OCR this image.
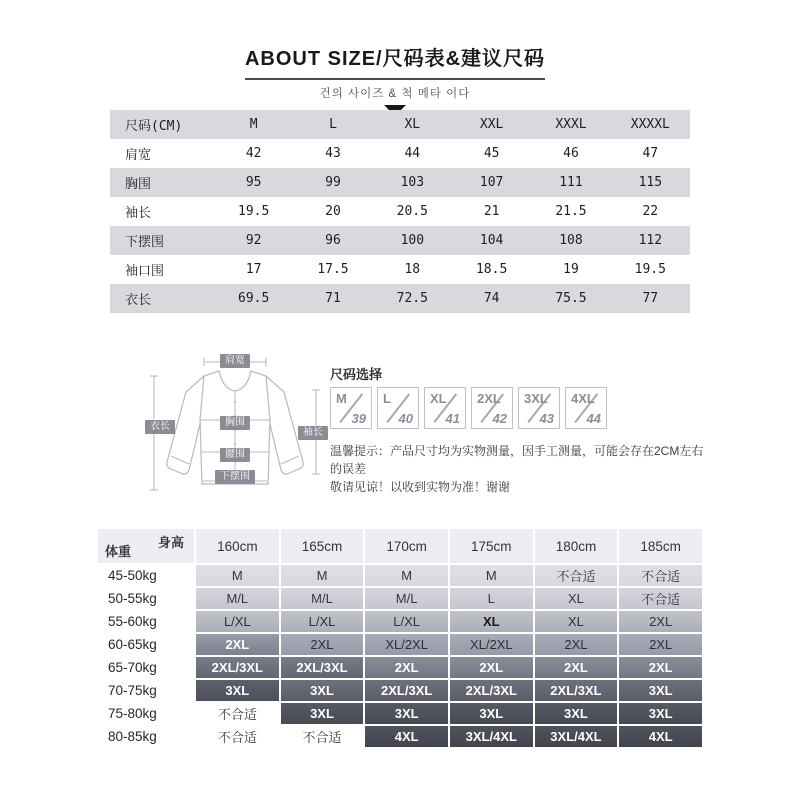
ABOUT SIZE/尺码表&建议尺码
건의 사이즈 & 척 메타 이다
尺码(CM)	M	L	XL	XXL	XXXL	XXXXL
肩宽	42	43	44	45	46	47
胸围	95	99	103	107	111	115
袖长	19.5	20	20.5	21	21.5	22
下摆围	92	96	100	104	108	112
袖口围	17	17.5	18	18.5	19	19.5
衣长	69.5	71	72.5	74	75.5	77
肩宽
衣长	胸围
腰围
下摆围
袖长
尺码选择
M
39
L
40
XL
41
2XL
42
3XL
43
4XL
44
温馨提示：产品尺寸均为实物测量，因手工测量，可能会存在2CM左右的误差
敬请见谅！以收到实物为准！谢谢
身高
体重	160cm	165cm	170cm	175cm	180cm	185cm
45-50kg	M	M	M	M	不合适	不合适
50-55kg	M/L	M/L	M/L	L	XL	不合适
55-60kg	L/XL	L/XL	L/XL	XL	XL	2XL
60-65kg	2XL	2XL	XL/2XL	XL/2XL	2XL	2XL
65-70kg	2XL/3XL	2XL/3XL	2XL	2XL	2XL	2XL
70-75kg	3XL	3XL	2XL/3XL	2XL/3XL	2XL/3XL	3XL
75-80kg	不合适	3XL	3XL	3XL	3XL	3XL
80-85kg	不合适	不合适	4XL	3XL/4XL	3XL/4XL	4XL
